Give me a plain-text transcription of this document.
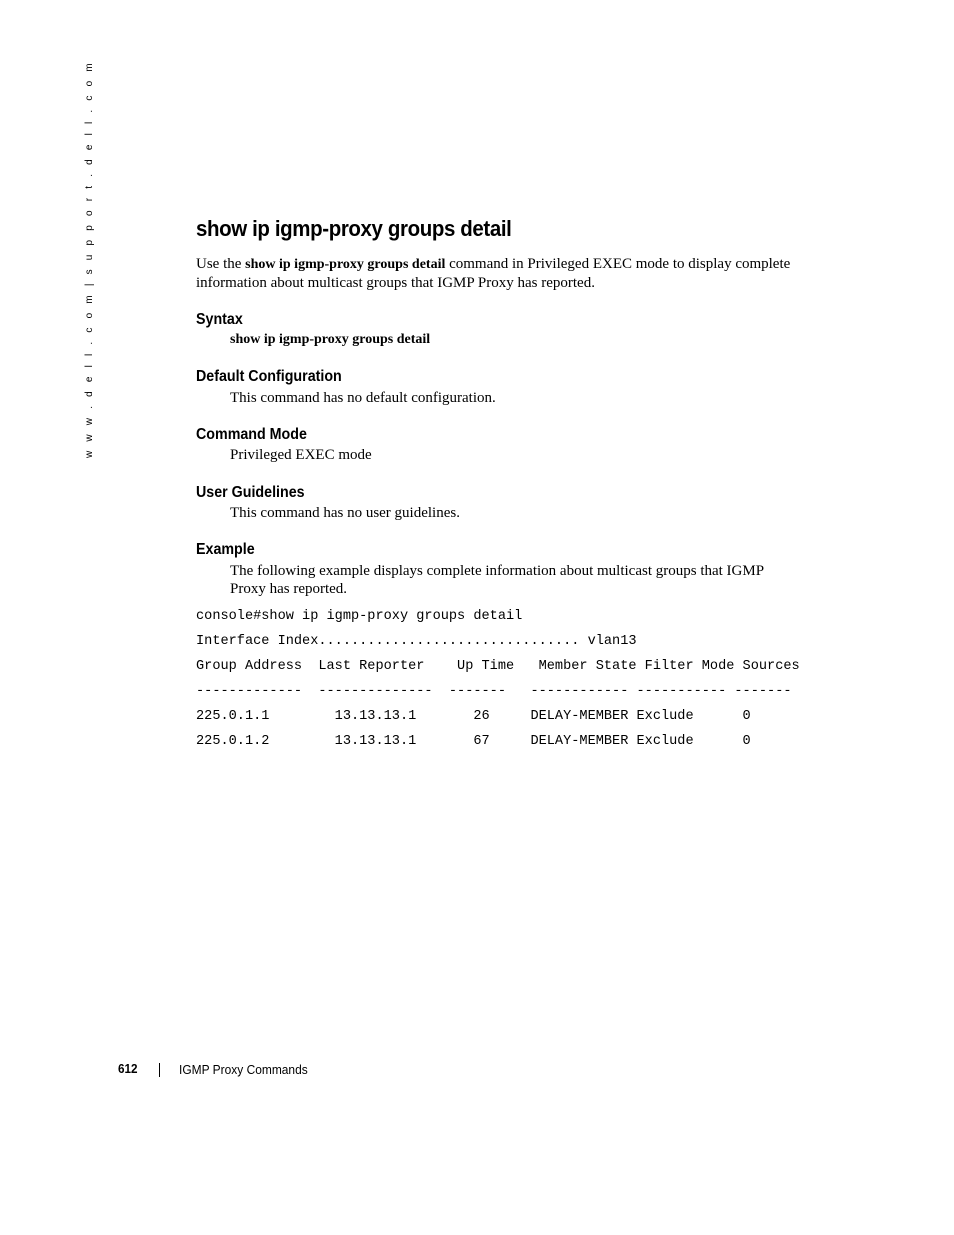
w w w . d e l l . c o m | s u p p o r t . d e l l . c o m	show ip igmp-proxy groups detail

Use the show ip igmp-proxy groups detail command in Privileged EXEC mode to display complete information about multicast groups that IGMP Proxy has reported.

Syntax

show ip igmp-proxy groups detail

Default Configuration

This command has no default configuration.

Command Mode

Privileged EXEC mode

User Guidelines

This command has no user guidelines.

Example

The following example displays complete information about multicast groups that IGMP Proxy has reported.

console#show ip igmp-proxy groups detail
Interface Index................................ vlan13
Group Address  Last Reporter    Up Time   Member State Filter Mode Sources
-------------  --------------  -------   ------------ ----------- -------
225.0.1.1        13.13.13.1       26     DELAY-MEMBER Exclude      0
225.0.1.2        13.13.13.1       67     DELAY-MEMBER Exclude      0
612	IGMP Proxy Commands
